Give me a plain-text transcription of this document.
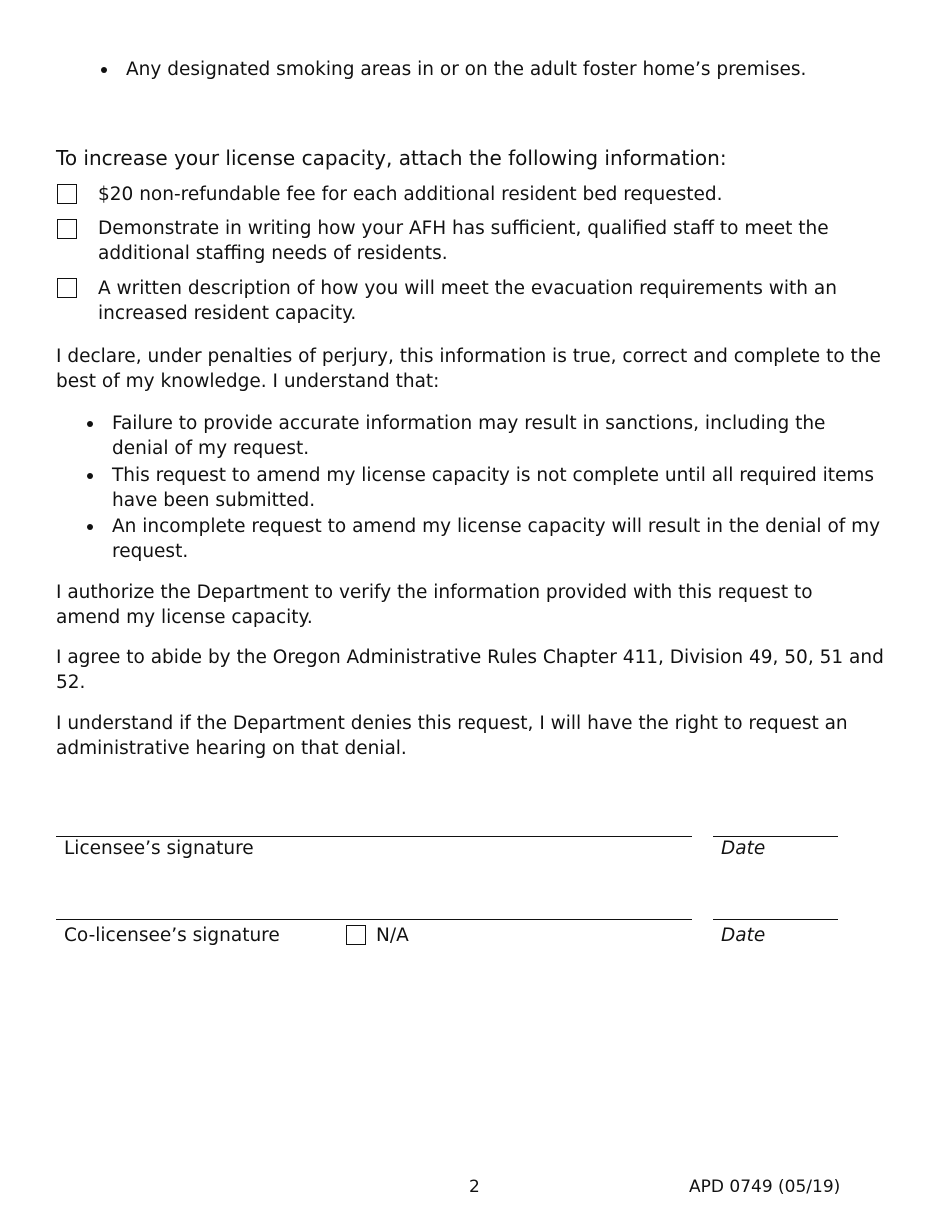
Any designated smoking areas in or on the adult foster home’s premises.
To increase your license capacity, attach the following information:
$20 non-refundable fee for each additional resident bed requested.
Demonstrate in writing how your AFH has sufficient, qualified staff to meet the additional staffing needs of residents.
A written description of how you will meet the evacuation requirements with an increased resident capacity.
I declare, under penalties of perjury, this information is true, correct and complete to the best of my knowledge. I understand that:
Failure to provide accurate information may result in sanctions, including the denial of my request.
This request to amend my license capacity is not complete until all required items have been submitted.
An incomplete request to amend my license capacity will result in the denial of my request.
I authorize the Department to verify the information provided with this request to amend my license capacity.
I agree to abide by the Oregon Administrative Rules Chapter 411, Division 49, 50, 51 and 52.
I understand if the Department denies this request, I will have the right to request an administrative hearing on that denial.
Licensee’s signature	Date
Co-licensee’s signature	N/A	Date
2	APD 0749 (05/19)
